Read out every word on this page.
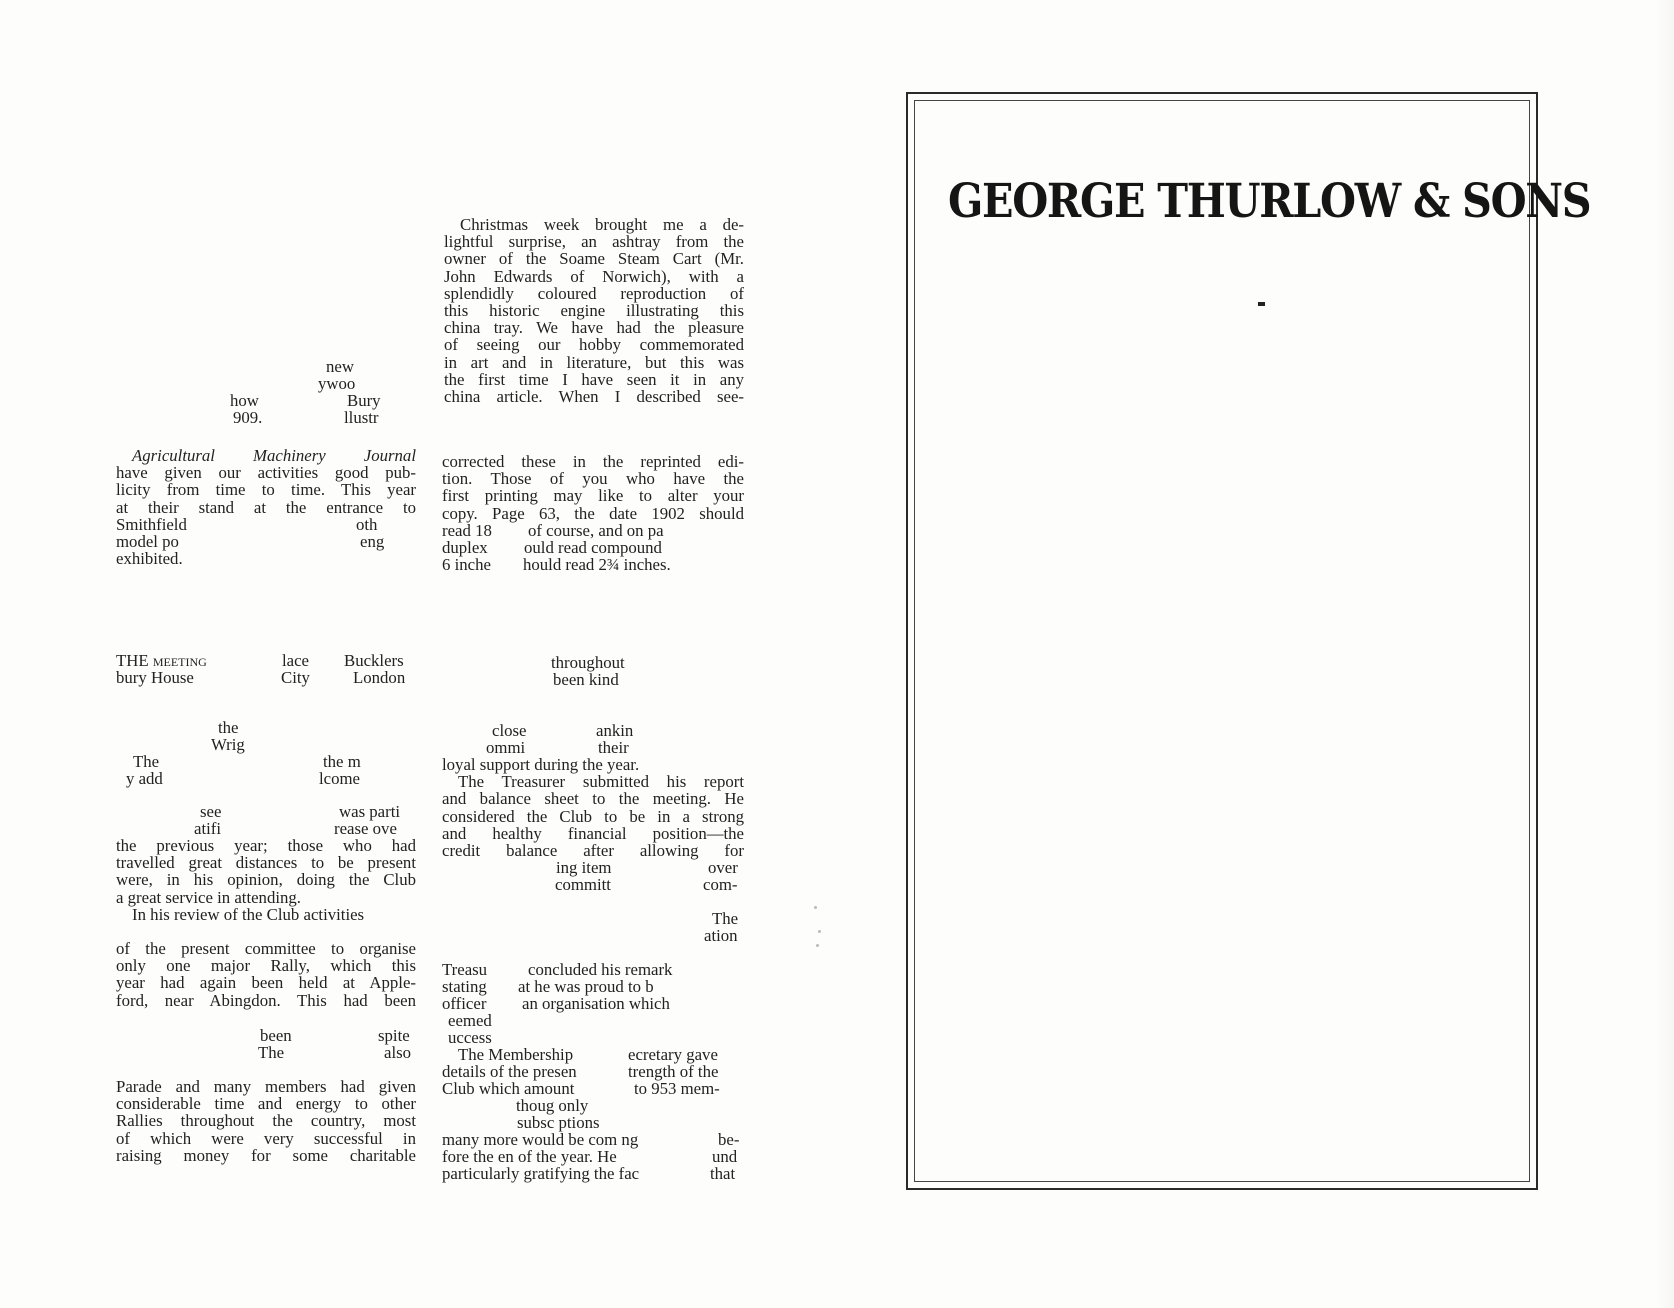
Christmas week brought me a de-
lightful surprise, an ashtray from the
owner of the Soame Steam Cart (Mr.
John Edwards of Norwich), with a
splendidly coloured reproduction of
this historic engine illustrating this
china tray. We have had the pleasure
of seeing our hobby commemorated
in art and in literature, but this was
the first time I have seen it in any
china article. When I described see-
new
ywoo
Bury
llustr
how
909.
Agricultural Machinery Journal
have given our activities good pub-
licity from time to time. This year
at their stand at the entrance to
Smithfield	oth
model po	eng
exhibited.
corrected these in the reprinted edi-
tion. Those of you who have the
first printing may like to alter your
copy. Page 63, the date 1902 should
read 18 of course, and on pa
duplex ould read compound
6 inche hould read 2¾ inches.
THE meeting	lace Bucklers
bury House	City	London
throughout
been kind
the
Wrig
The	the m
y add	lcome
see	was parti
atifi	rease ove
the previous year; those who had
travelled great distances to be present
were, in his opinion, doing the Club
a great service in attending.
In his review of the Club activities
of the present committee to organise
only one major Rally, which this
year had again been held at Apple-
ford, near Abingdon. This had been
been	spite
The	also
Parade and many members had given
considerable time and energy to other
Rallies throughout the country, most
of which were very successful in
raising money for some charitable
close	ankin
ommi	their
loyal support during the year.
The Treasurer submitted his report
and balance sheet to the meeting. He
considered the Club to be in a strong
and healthy financial position—the
credit balance after allowing for
ing item	over
committ	com-
The
ation
Treasu concluded his remark
stating at he was proud to b
officer an organisation which
eemed
uccess
The Membership	ecretary gave
details of the presen	trength of the
Club which amount	to 953 mem-
thoug only
subsc ptions
many more would be com ng	be-
fore the en of the year. He	und
particularly gratifying the fac	that
GEORGE THURLOW & SONS
